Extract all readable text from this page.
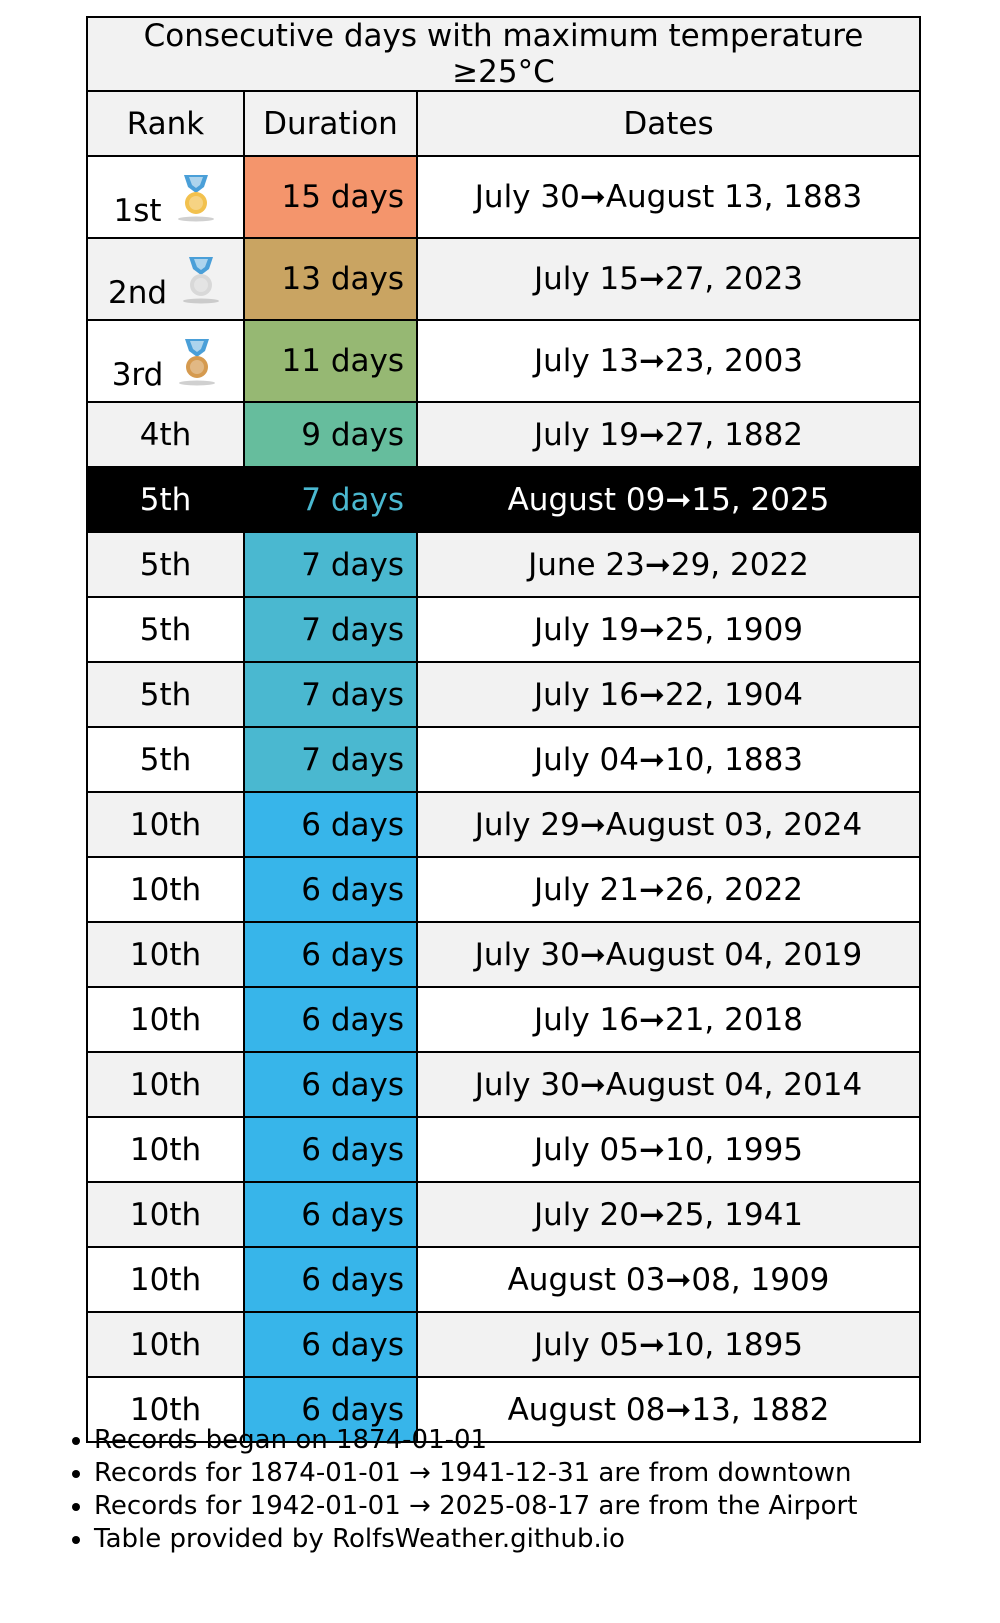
Consecutive days with maximum temperature ≥25°C		
Rank	Duration	Dates

1st	15 days	July 30➞August 13, 1883

2nd	13 days	July 15➞27, 2023

3rd	11 days	July 13➞23, 2003
4th	9 days	July 19➞27, 1882
5th	7 days	August 09➞15, 2025
5th	7 days	June 23➞29, 2022
5th	7 days	July 19➞25, 1909
5th	7 days	July 16➞22, 1904
5th	7 days	July 04➞10, 1883
10th	6 days	July 29➞August 03, 2024
10th	6 days	July 21➞26, 2022
10th	6 days	July 30➞August 04, 2019
10th	6 days	July 16➞21, 2018
10th	6 days	July 30➞August 04, 2014
10th	6 days	July 05➞10, 1995
10th	6 days	July 20➞25, 1941
10th	6 days	August 03➞08, 1909
10th	6 days	July 05➞10, 1895
10th	6 days	August 08➞13, 1882
• Records began on 1874-01-01
• Records for 1874-01-01 → 1941-12-31 are from downtown
• Records for 1942-01-01 → 2025-08-17 are from the Airport
• Table provided by RolfsWeather.github.io
